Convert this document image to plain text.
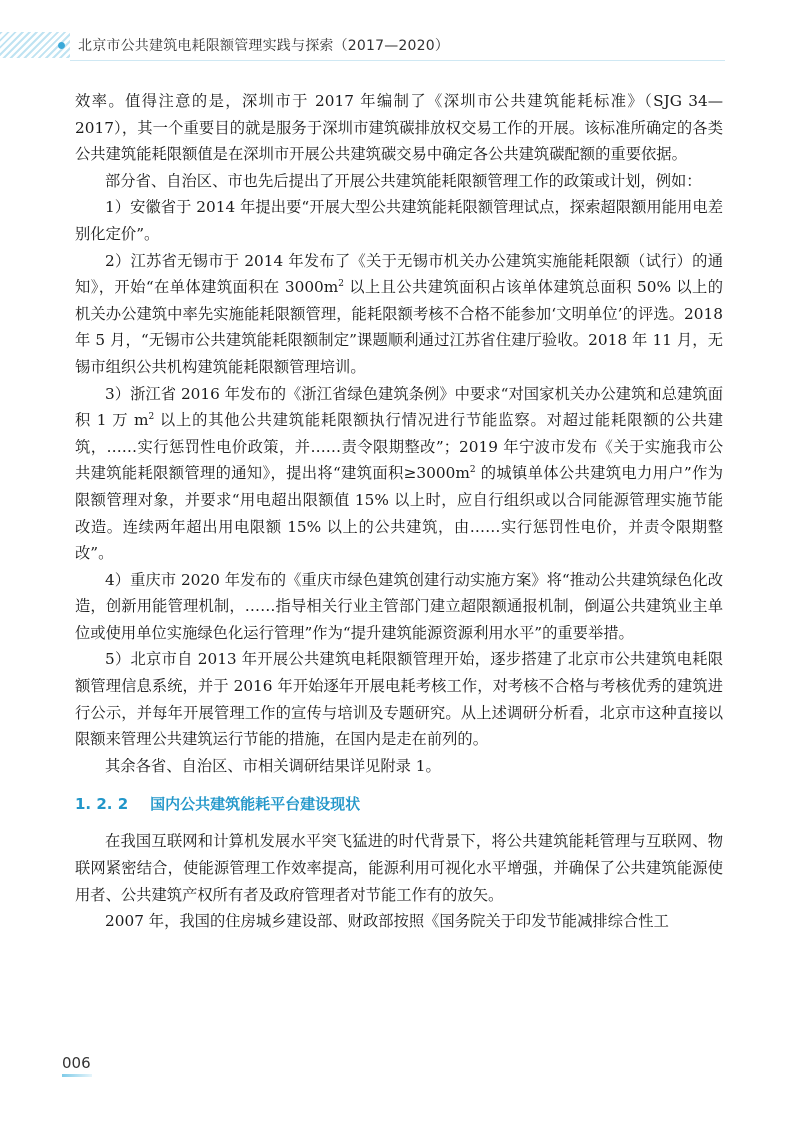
北京市公共建筑电耗限额管理实践与探索（2017—2020）

效率。值得注意的是，深圳市于 2017 年编制了《深圳市公共建筑能耗标准》（SJG 34—2017），其一个重要目的就是服务于深圳市建筑碳排放权交易工作的开展。该标准所确定的各类公共建筑能耗限额值是在深圳市开展公共建筑碳交易中确定各公共建筑碳配额的重要依据。

部分省、自治区、市也先后提出了开展公共建筑能耗限额管理工作的政策或计划，例如：

1）安徽省于 2014 年提出要“开展大型公共建筑能耗限额管理试点，探索超限额用能用电差别化定价”。

2）江苏省无锡市于 2014 年发布了《关于无锡市机关办公建筑实施能耗限额（试行）的通知》，开始“在单体建筑面积在 $3000m^2$ 以上且公共建筑面积占该单体建筑总面积 50% 以上的机关办公建筑中率先实施能耗限额管理，能耗限额考核不合格不能参加‘文明单位’的评选。2018 年 5 月，“无锡市公共建筑能耗限额制定”课题顺利通过江苏省住建厅验收。2018 年 11 月，无锡市组织公共机构建筑能耗限额管理培训。

3）浙江省 2016 年发布的《浙江省绿色建筑条例》中要求“对国家机关办公建筑和总建筑面积 1 万 $m^2$ 以上的其他公共建筑能耗限额执行情况进行节能监察。对超过能耗限额的公共建筑，……实行惩罚性电价政策，并……责令限期整改”；2019 年宁波市发布《关于实施我市公共建筑能耗限额管理的通知》，提出将“建筑面积$\ge 3000m^2$ 的城镇单体公共建筑电力用户”作为限额管理对象，并要求“用电超出限额值 15% 以上时，应自行组织或以合同能源管理实施节能改造。连续两年超出用电限额 15% 以上的公共建筑，由……实行惩罚性电价，并责令限期整改”。

4）重庆市 2020 年发布的《重庆市绿色建筑创建行动实施方案》将“推动公共建筑绿色化改造，创新用能管理机制，……指导相关行业主管部门建立超限额通报机制，倒逼公共建筑业主单位或使用单位实施绿色化运行管理”作为“提升建筑能源资源利用水平”的重要举措。

5）北京市自 2013 年开展公共建筑电耗限额管理开始，逐步搭建了北京市公共建筑电耗限额管理信息系统，并于 2016 年开始逐年开展电耗考核工作，对考核不合格与考核优秀的建筑进行公示，并每年开展管理工作的宣传与培训及专题研究。从上述调研分析看，北京市这种直接以限额来管理公共建筑运行节能的措施，在国内是走在前列的。

其余各省、自治区、市相关调研结果详见附录 1。

1. 2. 2 国内公共建筑能耗平台建设现状

在我国互联网和计算机发展水平突飞猛进的时代背景下，将公共建筑能耗管理与互联网、物联网紧密结合，使能源管理工作效率提高，能源利用可视化水平增强，并确保了公共建筑能源使用者、公共建筑产权所有者及政府管理者对节能工作有的放矢。

2007 年，我国的住房城乡建设部、财政部按照《国务院关于印发节能减排综合性工

006
